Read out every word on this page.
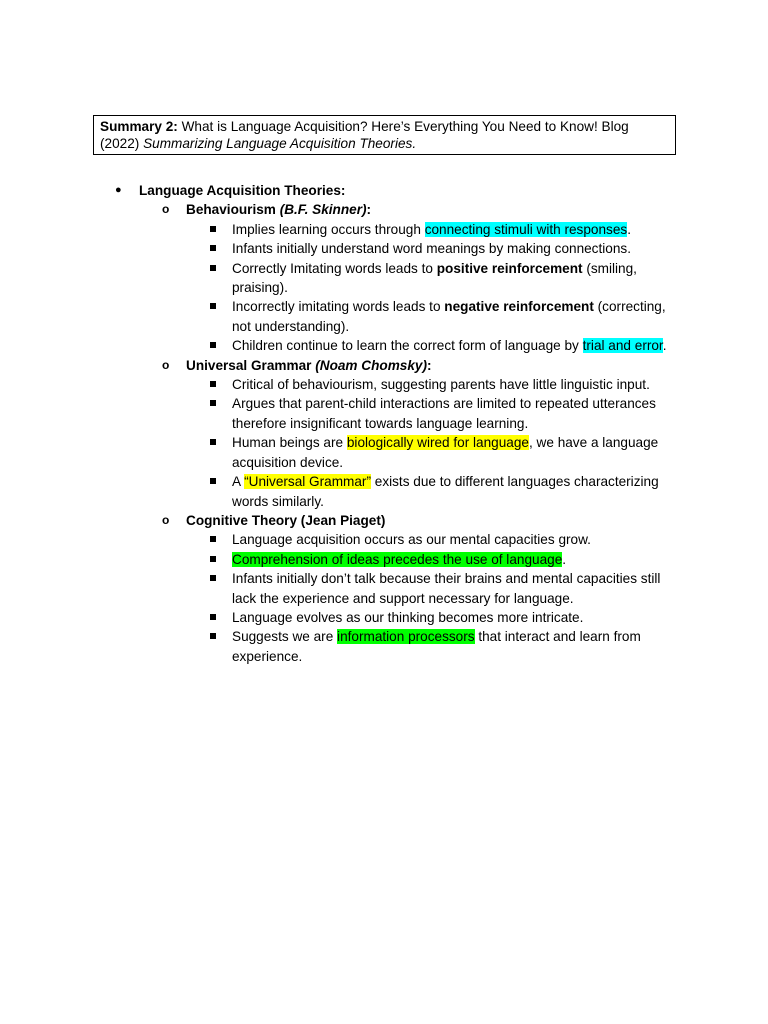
Summary 2: What is Language Acquisition? Here’s Everything You Need to Know! Blog (2022) Summarizing Language Acquisition Theories.
● Language Acquisition Theories:
o Behaviourism (B.F. Skinner):
Implies learning occurs through connecting stimuli with responses.
Infants initially understand word meanings by making connections.
Correctly Imitating words leads to positive reinforcement (smiling, praising).
Incorrectly imitating words leads to negative reinforcement (correcting, not understanding).
Children continue to learn the correct form of language by trial and error.
o Universal Grammar (Noam Chomsky):
Critical of behaviourism, suggesting parents have little linguistic input.
Argues that parent-child interactions are limited to repeated utterances therefore insignificant towards language learning.
Human beings are biologically wired for language, we have a language acquisition device.
A “Universal Grammar” exists due to different languages characterizing words similarly.
o Cognitive Theory (Jean Piaget)
Language acquisition occurs as our mental capacities grow.
Comprehension of ideas precedes the use of language.
Infants initially don’t talk because their brains and mental capacities still lack the experience and support necessary for language.
Language evolves as our thinking becomes more intricate.
Suggests we are information processors that interact and learn from experience.
